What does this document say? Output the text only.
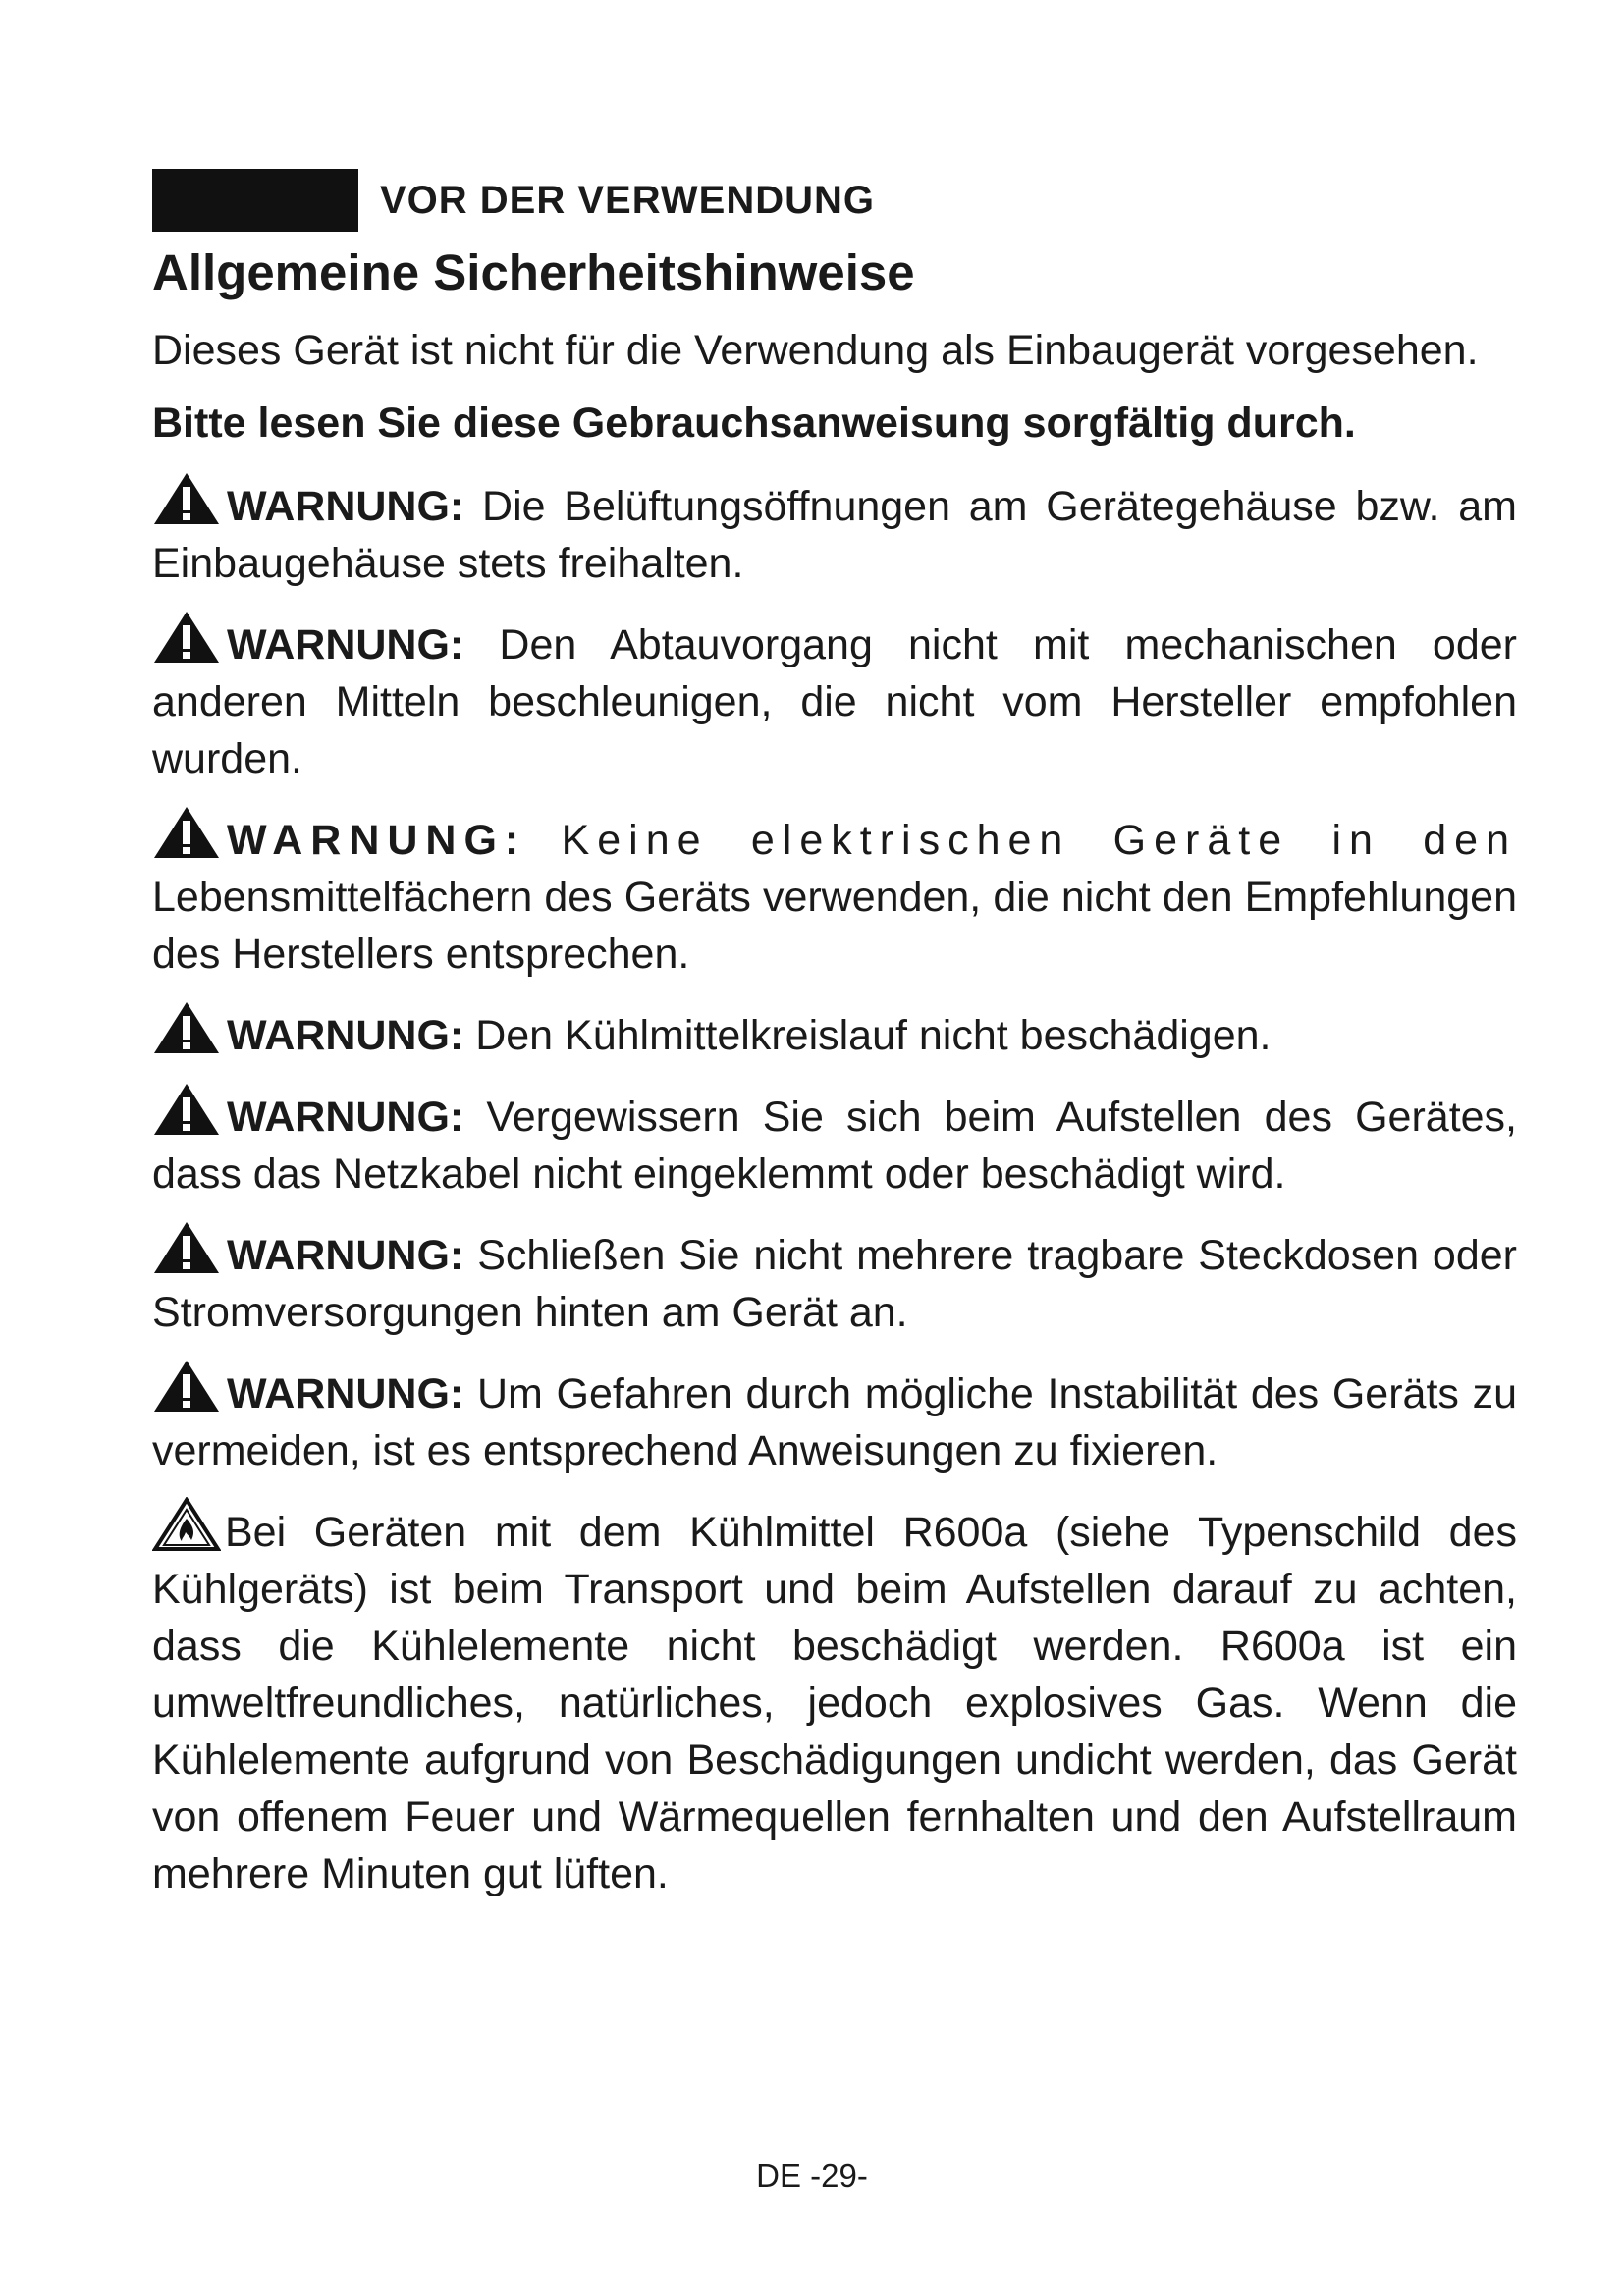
VOR DER VERWENDUNG
Allgemeine Sicherheitshinweise

Dieses Gerät ist nicht für die Verwendung als Einbaugerät vorgesehen.

Bitte lesen Sie diese Gebrauchsanweisung sorgfältig durch.

WARNUNG: Die Belüftungsöffnungen am Gerätegehäuse bzw. am Einbaugehäuse stets freihalten.

WARNUNG: Den Abtauvorgang nicht mit mechanischen oder anderen Mitteln beschleunigen, die nicht vom Hersteller empfohlen wurden.

WARNUNG: Keine elektrischen Geräte in den Lebensmittelfächern des Geräts verwenden, die nicht den Empfehlungen des Herstellers entsprechen.

WARNUNG: Den Kühlmittelkreislauf nicht beschädigen.

WARNUNG: Vergewissern Sie sich beim Aufstellen des Gerätes, dass das Netzkabel nicht eingeklemmt oder beschädigt wird.

WARNUNG: Schließen Sie nicht mehrere tragbare Steckdosen oder Stromversorgungen hinten am Gerät an.

WARNUNG: Um Gefahren durch mögliche Instabilität des Geräts zu vermeiden, ist es entsprechend Anweisungen zu fixieren.

Bei Geräten mit dem Kühlmittel R600a (siehe Typenschild des Kühlgeräts) ist beim Transport und beim Aufstellen darauf zu achten, dass die Kühlelemente nicht beschädigt werden. R600a ist ein umweltfreundliches, natürliches, jedoch explosives Gas. Wenn die Kühlelemente aufgrund von Beschädigungen undicht werden, das Gerät von offenem Feuer und Wärmequellen fernhalten und den Aufstellraum mehrere Minuten gut lüften.

DE -29-
